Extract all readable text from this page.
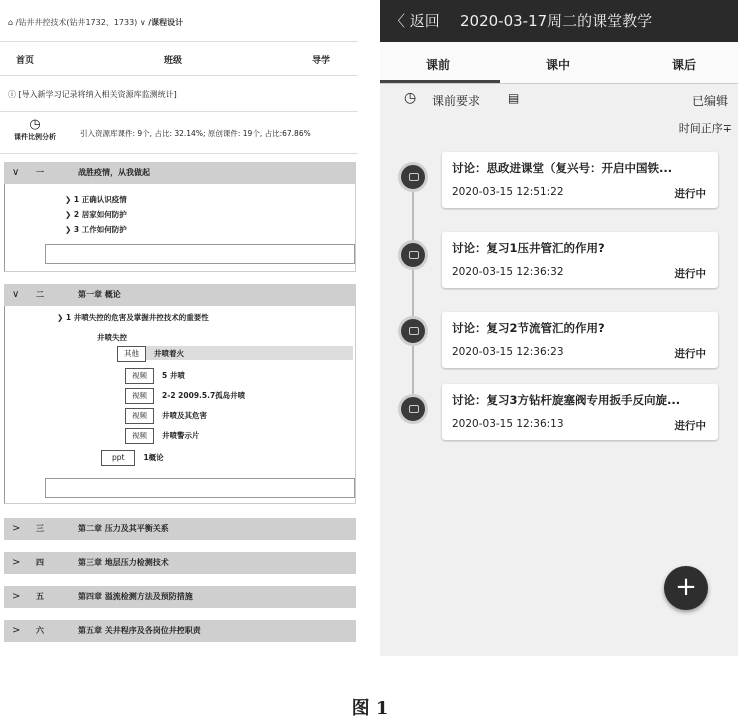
⌂ /钻井井控技术(钻井1732、1733) ∨ /课程设计
首页	班级	导学
ⓘ [导入新学习记录将纳入相关资源库监测统计]
◷
课件比例分析	引入资源库课件: 9个, 占比: 32.14%; 原创课件: 19个, 占比:67.86%
∨ 一	战胜疫情，从我做起
❯ 1 正确认识疫情
❯ 2 居家如何防护
❯ 3 工作如何防护
∨ 二	第一章 概论
❯ 1 井喷失控的危害及掌握井控技术的重要性
井喷失控
其他 井喷着火
视频 5 井喷
视频 2-2 2009.5.7孤岛井喷
视频 井喷及其危害
视频 井喷警示片
ppt	1概论
> 三	第二章 压力及其平衡关系
> 四	第三章 地层压力检测技术
> 五	第四章 溢流检测方法及预防措施
> 六	第五章 关井程序及各岗位井控职责
〈 返回 2020-03-17周二的课堂教学
课前	课中	课后
◷ 课前要求 ▤	已编辑
时间正序∓
讨论：思政进课堂（复兴号：开启中国铁...
2020-03-15 12:51:22	进行中
讨论：复习1压井管汇的作用?
2020-03-15 12:36:32	进行中
讨论：复习2节流管汇的作用?
2020-03-15 12:36:23	进行中
讨论：复习3方钻杆旋塞阀专用扳手反向旋...
2020-03-15 12:36:13	进行中
+
图 1
